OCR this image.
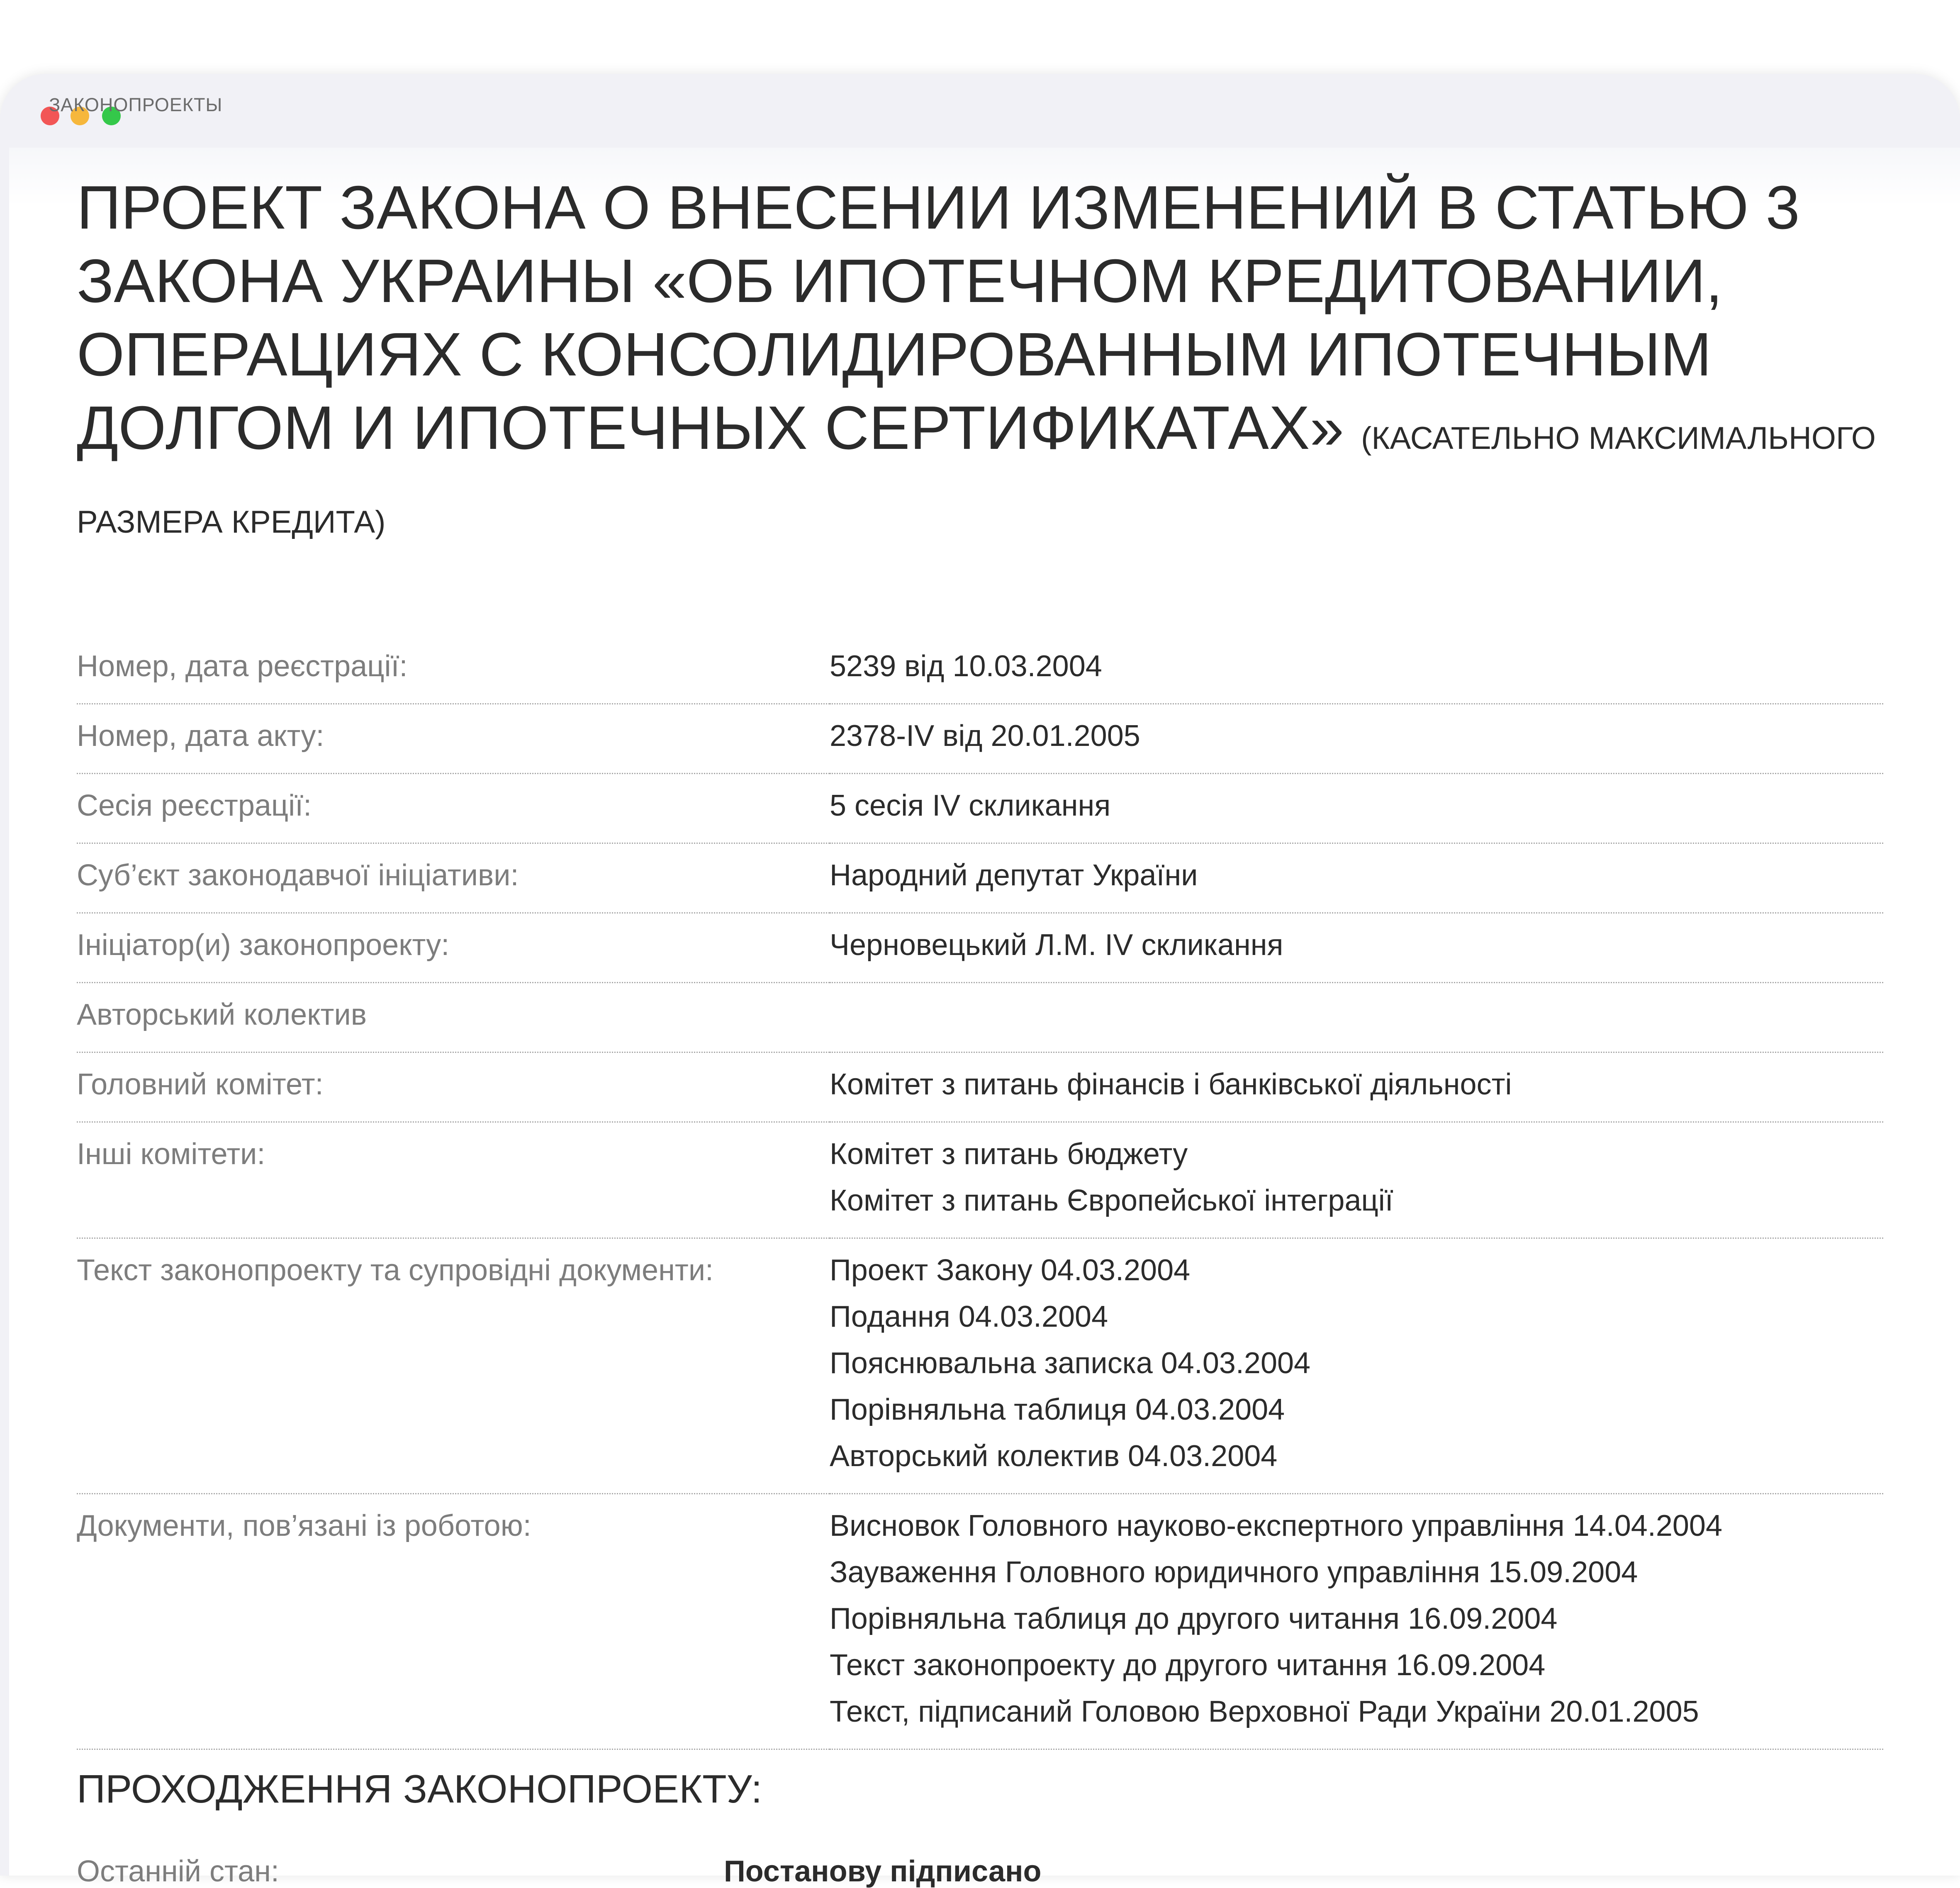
ЗАКОНОПРОЕКТЫ
ПРОЕКТ ЗАКОНА О ВНЕСЕНИИ ИЗМЕНЕНИЙ В СТАТЬЮ 3 ЗАКОНА УКРАИНЫ «ОБ ИПОТЕЧНОМ КРЕДИТОВАНИИ, ОПЕРАЦИЯХ С КОНСОЛИДИРОВАННЫМ ИПОТЕЧНЫМ ДОЛГОМ И ИПОТЕЧНЫХ СЕРТИФИКАТАХ» (КАСАТЕЛЬНО МАКСИМАЛЬНОГО РАЗМЕРА КРЕДИТА)
Номер, дата реєстрації:	5239 від 10.03.2004

Номер, дата акту:	2378-IV від 20.01.2005

Сесія реєстрації:	5 сесія IV скликання

Суб’єкт законодавчої ініціативи:	Народний депутат України

Ініціатор(и) законопроекту:	Черновецький Л.М. IV скликання

Авторський колектив	
Головний комітет:	Комітет з питань фінансів і банківської діяльності

Інші комітети:	Комітет з питань бюджету
Комітет з питань Європейської інтеграції

Текст законопроекту та супровідні документи:	Проект Закону 04.03.2004
Подання 04.03.2004
Пояснювальна записка 04.03.2004
Порівняльна таблиця 04.03.2004
Авторський колектив 04.03.2004

Документи, пов’язані із роботою:	Висновок Головного науково-експертного управління 14.04.2004
Зауваження Головного юридичного управління 15.09.2004
Порівняльна таблиця до другого читання 16.09.2004
Текст законопроекту до другого читання 16.09.2004
Текст, підписаний Головою Верховної Ради України 20.01.2005
ПРОХОДЖЕННЯ ЗАКОНОПРОЕКТУ:
Останній стан:	Постанову підписано
